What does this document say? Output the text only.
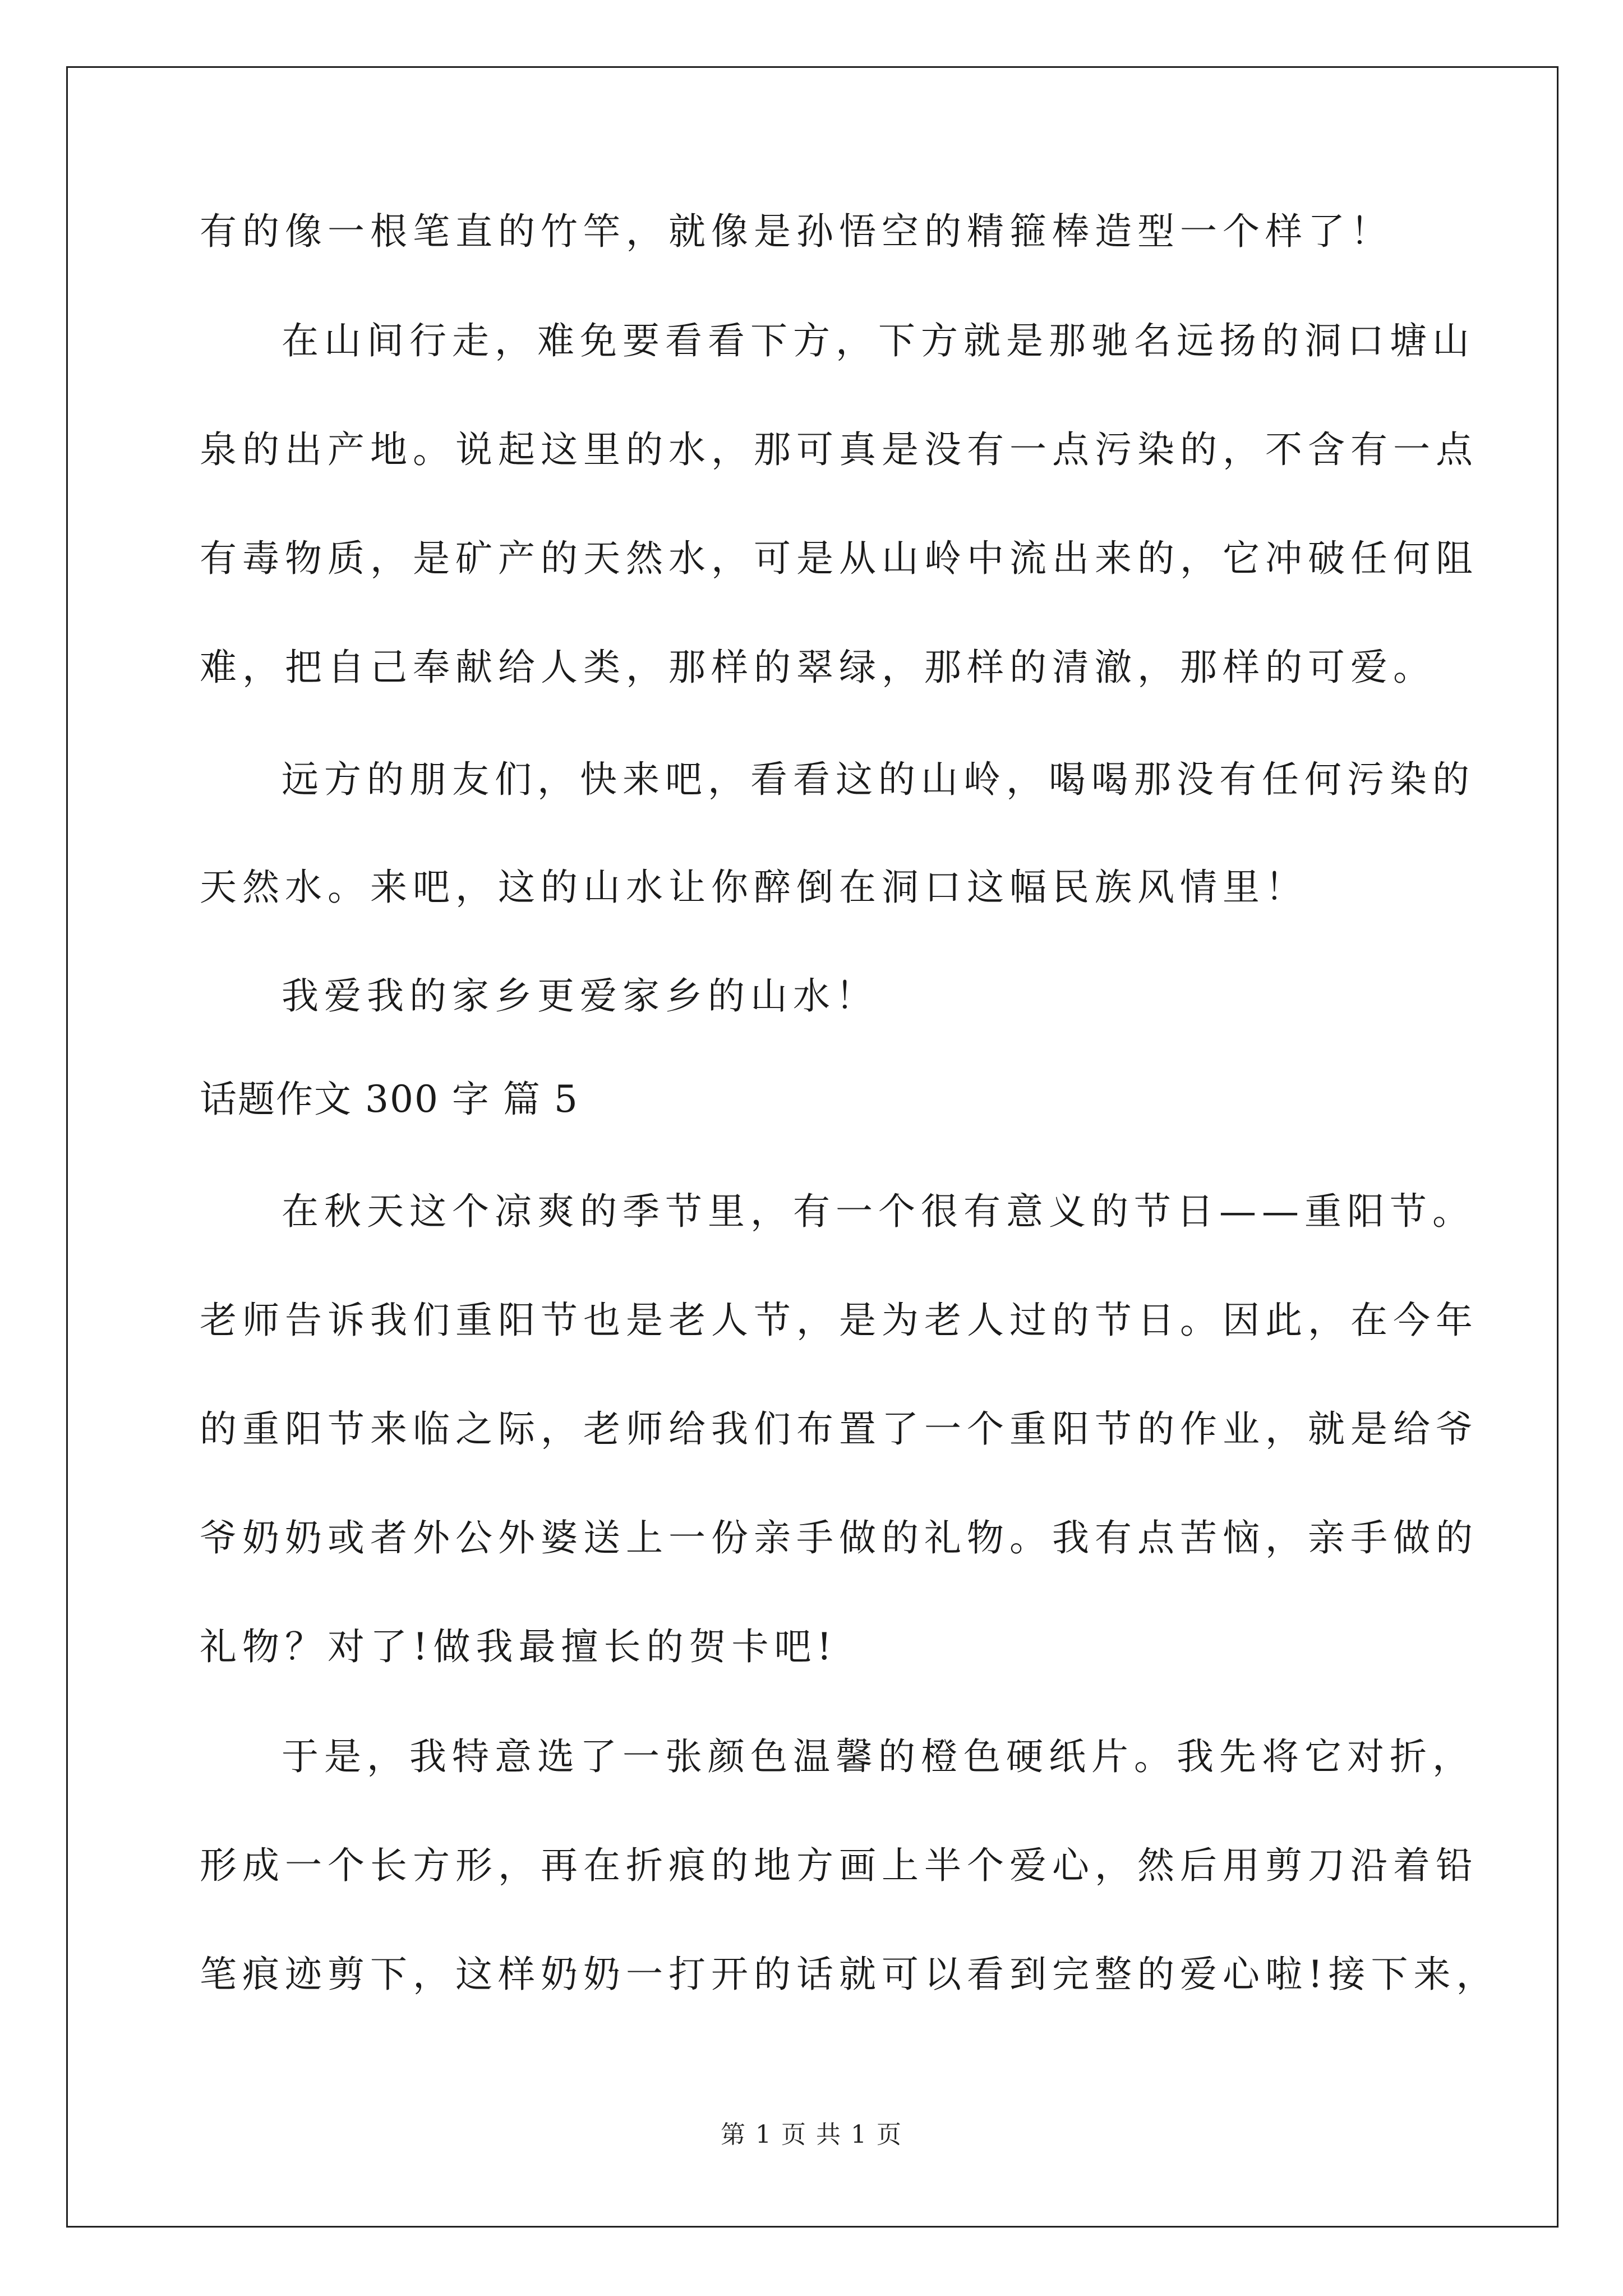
有的像一根笔直的竹竿，就像是孙悟空的精箍棒造型一个样了！
在山间行走，难免要看看下方，下方就是那驰名远扬的洞口塘山
泉的出产地。说起这里的水，那可真是没有一点污染的，不含有一点
有毒物质，是矿产的天然水，可是从山岭中流出来的，它冲破任何阻
难，把自己奉献给人类，那样的翠绿，那样的清澈，那样的可爱。
远方的朋友们，快来吧，看看这的山岭，喝喝那没有任何污染的
天然水。来吧，这的山水让你醉倒在洞口这幅民族风情里！
我爱我的家乡更爱家乡的山水！
话题作文 300 字 篇 5
在秋天这个凉爽的季节里，有一个很有意义的节日——重阳节。
老师告诉我们重阳节也是老人节，是为老人过的节日。因此，在今年
的重阳节来临之际，老师给我们布置了一个重阳节的作业，就是给爷
爷奶奶或者外公外婆送上一份亲手做的礼物。我有点苦恼，亲手做的
礼物？对了!做我最擅长的贺卡吧!
于是，我特意选了一张颜色温馨的橙色硬纸片。我先将它对折，
形成一个长方形，再在折痕的地方画上半个爱心，然后用剪刀沿着铅
笔痕迹剪下，这样奶奶一打开的话就可以看到完整的爱心啦!接下来，
第 1 页 共 1 页
